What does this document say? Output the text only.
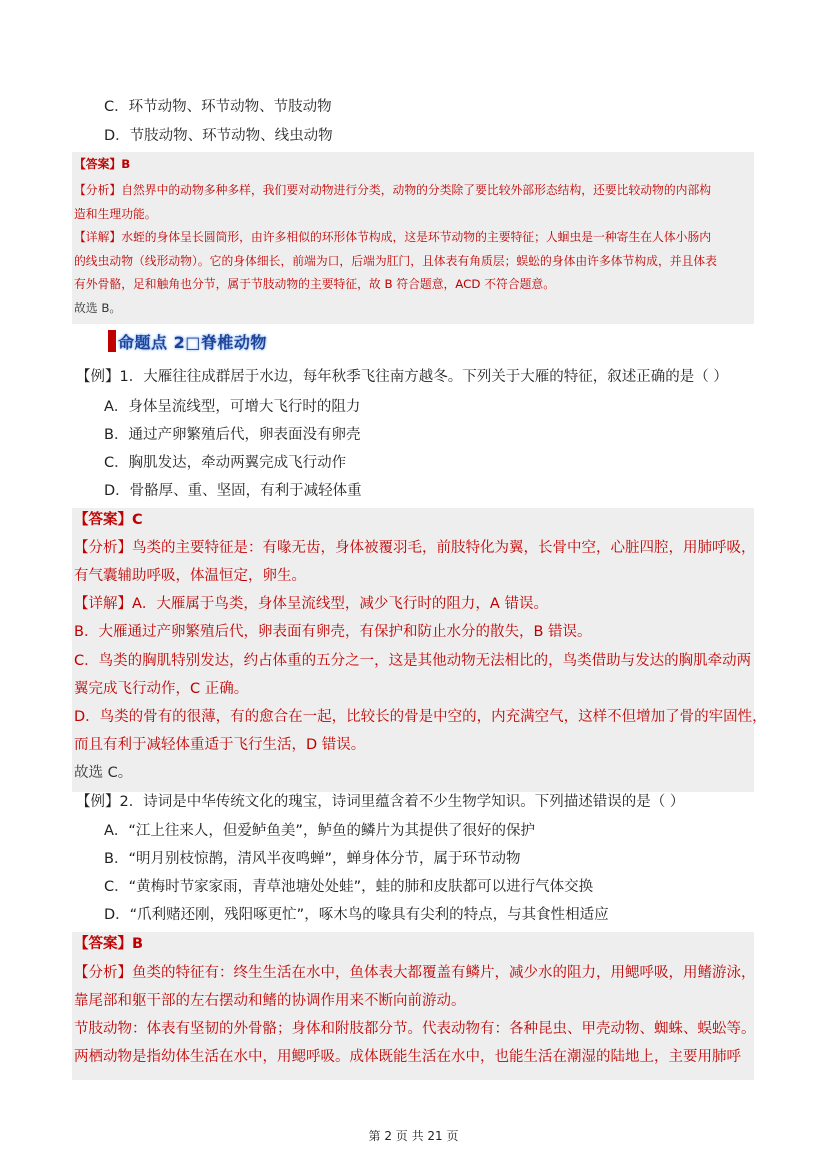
C．环节动物、环节动物、节肢动物
D．节肢动物、环节动物、线虫动物
【答案】B
【分析】自然界中的动物多种多样，我们要对动物进行分类，动物的分类除了要比较外部形态结构，还要比较动物的内部构
造和生理功能。
【详解】水蛭的身体呈长圆筒形，由许多相似的环形体节构成，这是环节动物的主要特征；人蛔虫是一种寄生在人体小肠内
的线虫动物（线形动物）。它的身体细长，前端为口，后端为肛门，且体表有角质层；蜈蚣的身体由许多体节构成，并且体表
有外骨骼，足和触角也分节，属于节肢动物的主要特征，故 B 符合题意，ACD 不符合题意。
故选 B。
命题点 2□脊椎动物
【例】1．大雁往往成群居于水边，每年秋季飞往南方越冬。下列关于大雁的特征，叙述正确的是（ ）
A．身体呈流线型，可增大飞行时的阻力
B．通过产卵繁殖后代，卵表面没有卵壳
C．胸肌发达，牵动两翼完成飞行动作
D．骨骼厚、重、坚固，有利于减轻体重
【答案】C
【分析】鸟类的主要特征是：有喙无齿，身体被覆羽毛，前肢特化为翼，长骨中空，心脏四腔，用肺呼吸，
有气囊辅助呼吸，体温恒定，卵生。
【详解】A．大雁属于鸟类，身体呈流线型，减少飞行时的阻力，A 错误。
B．大雁通过产卵繁殖后代，卵表面有卵壳，有保护和防止水分的散失，B 错误。
C．鸟类的胸肌特别发达，约占体重的五分之一，这是其他动物无法相比的，鸟类借助与发达的胸肌牵动两
翼完成飞行动作，C 正确。
D．鸟类的骨有的很薄，有的愈合在一起，比较长的骨是中空的，内充满空气，这样不但增加了骨的牢固性，
而且有利于减轻体重适于飞行生活，D 错误。
故选 C。
【例】2．诗词是中华传统文化的瑰宝，诗词里蕴含着不少生物学知识。下列描述错误的是（ ）
A．“江上往来人，但爱鲈鱼美”，鲈鱼的鳞片为其提供了很好的保护
B．“明月别枝惊鹊，清风半夜鸣蝉”，蝉身体分节，属于环节动物
C．“黄梅时节家家雨，青草池塘处处蛙”，蛙的肺和皮肤都可以进行气体交换
D．“爪利赌还刚，残阳啄更忙”，啄木鸟的喙具有尖利的特点，与其食性相适应
【答案】B
【分析】鱼类的特征有：终生生活在水中，鱼体表大都覆盖有鳞片，减少水的阻力，用鳃呼吸，用鳍游泳，
靠尾部和躯干部的左右摆动和鳍的协调作用来不断向前游动。
节肢动物：体表有坚韧的外骨骼；身体和附肢都分节。代表动物有：各种昆虫、甲壳动物、蜘蛛、蜈蚣等。
两栖动物是指幼体生活在水中，用鳃呼吸。成体既能生活在水中，也能生活在潮湿的陆地上，主要用肺呼
第 2 页 共 21 页
